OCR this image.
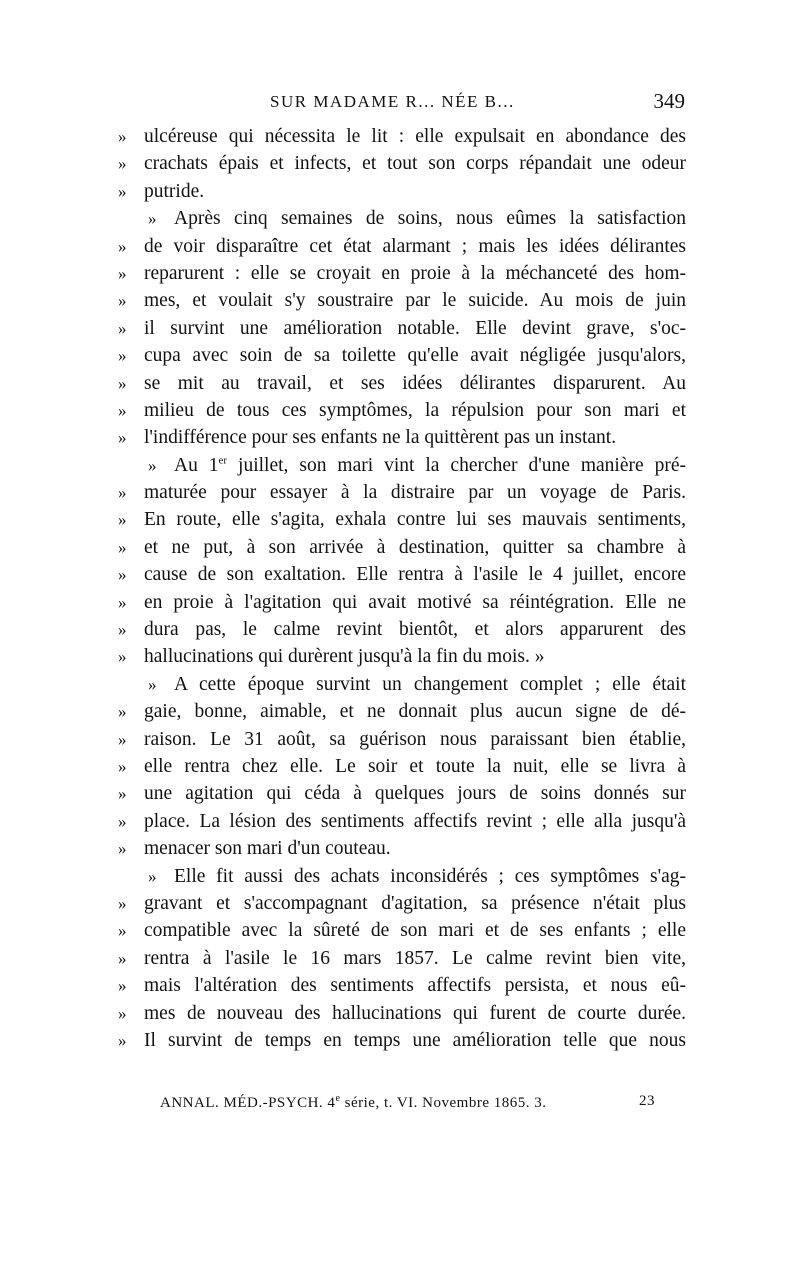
SUR MADAME R... NÉE B...	349
» ulcéreuse qui nécessita le lit : elle expulsait en abondance des
» crachats épais et infects, et tout son corps répandait une odeur
» putride.
» Après cinq semaines de soins, nous eûmes la satisfaction
» de voir disparaître cet état alarmant ; mais les idées délirantes
» reparurent : elle se croyait en proie à la méchanceté des hom-
» mes, et voulait s'y soustraire par le suicide. Au mois de juin
» il survint une amélioration notable. Elle devint grave, s'oc-
» cupa avec soin de sa toilette qu'elle avait négligée jusqu'alors,
» se mit au travail, et ses idées délirantes disparurent. Au
» milieu de tous ces symptômes, la répulsion pour son mari et
» l'indifférence pour ses enfants ne la quittèrent pas un instant.
» Au 1er juillet, son mari vint la chercher d'une manière pré-
» maturée pour essayer à la distraire par un voyage de Paris.
» En route, elle s'agita, exhala contre lui ses mauvais sentiments,
» et ne put, à son arrivée à destination, quitter sa chambre à
» cause de son exaltation. Elle rentra à l'asile le 4 juillet, encore
» en proie à l'agitation qui avait motivé sa réintégration. Elle ne
» dura pas, le calme revint bientôt, et alors apparurent des
» hallucinations qui durèrent jusqu'à la fin du mois. »
» A cette époque survint un changement complet ; elle était
» gaie, bonne, aimable, et ne donnait plus aucun signe de dé-
» raison. Le 31 août, sa guérison nous paraissant bien établie,
» elle rentra chez elle. Le soir et toute la nuit, elle se livra à
» une agitation qui céda à quelques jours de soins donnés sur
» place. La lésion des sentiments affectifs revint ; elle alla jusqu'à
» menacer son mari d'un couteau.
» Elle fit aussi des achats inconsidérés ; ces symptômes s'ag-
» gravant et s'accompagnant d'agitation, sa présence n'était plus
» compatible avec la sûreté de son mari et de ses enfants ; elle
» rentra à l'asile le 16 mars 1857. Le calme revint bien vite,
» mais l'altération des sentiments affectifs persista, et nous eû-
» mes de nouveau des hallucinations qui furent de courte durée.
» Il survint de temps en temps une amélioration telle que nous
ANNAL. MÉD.-PSYCH. 4e série, t. VI. Novembre 1865. 3.	23
